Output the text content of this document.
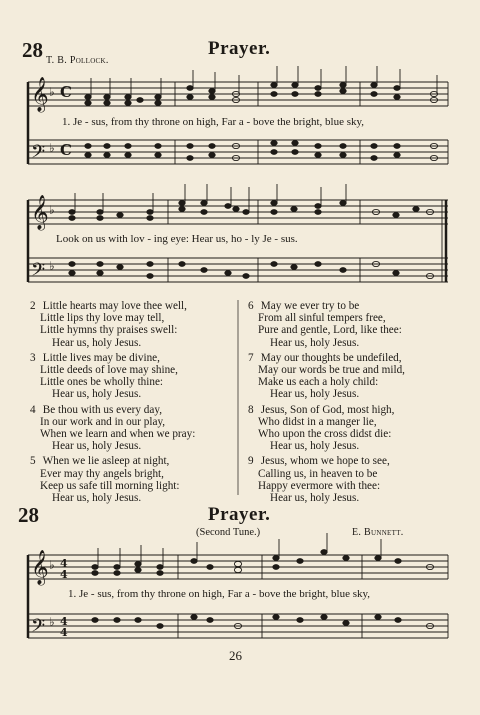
28	Prayer.
T. B. Pollock.
𝄞
𝄢
𝄞
𝄢
𝄞
𝄢
♭
♭
♭
♭
♭
♭
C
C
4
4
4
4
1. Je - sus, from thy throne on high, Far a - bove the bright, blue sky,
Look on us with lov - ing eye: Hear us, ho - ly Je - sus.
2 Little hearts may love thee well,
Little lips thy love may tell,
Little hymns thy praises swell:
Hear us, holy Jesus.
3 Little lives may be divine,
Little deeds of love may shine,
Little ones be wholly thine:
Hear us, holy Jesus.
4 Be thou with us every day,
In our work and in our play,
When we learn and when we pray:
Hear us, holy Jesus.
5 When we lie asleep at night,
Ever may thy angels bright,
Keep us safe till morning light:
Hear us, holy Jesus.
6 May we ever try to be
From all sinful tempers free,
Pure and gentle, Lord, like thee:
Hear us, holy Jesus.
7 May our thoughts be undefiled,
May our words be true and mild,
Make us each a holy child:
Hear us, holy Jesus.
8 Jesus, Son of God, most high,
Who didst in a manger lie,
Who upon the cross didst die:
Hear us, holy Jesus.
9 Jesus, whom we hope to see,
Calling us, in heaven to be
Happy evermore with thee:
Hear us, holy Jesus.
28	Prayer.
(Second Tune.)	E. Bunnett.
1. Je - sus, from thy throne on high, Far a - bove the bright, blue sky,
26
